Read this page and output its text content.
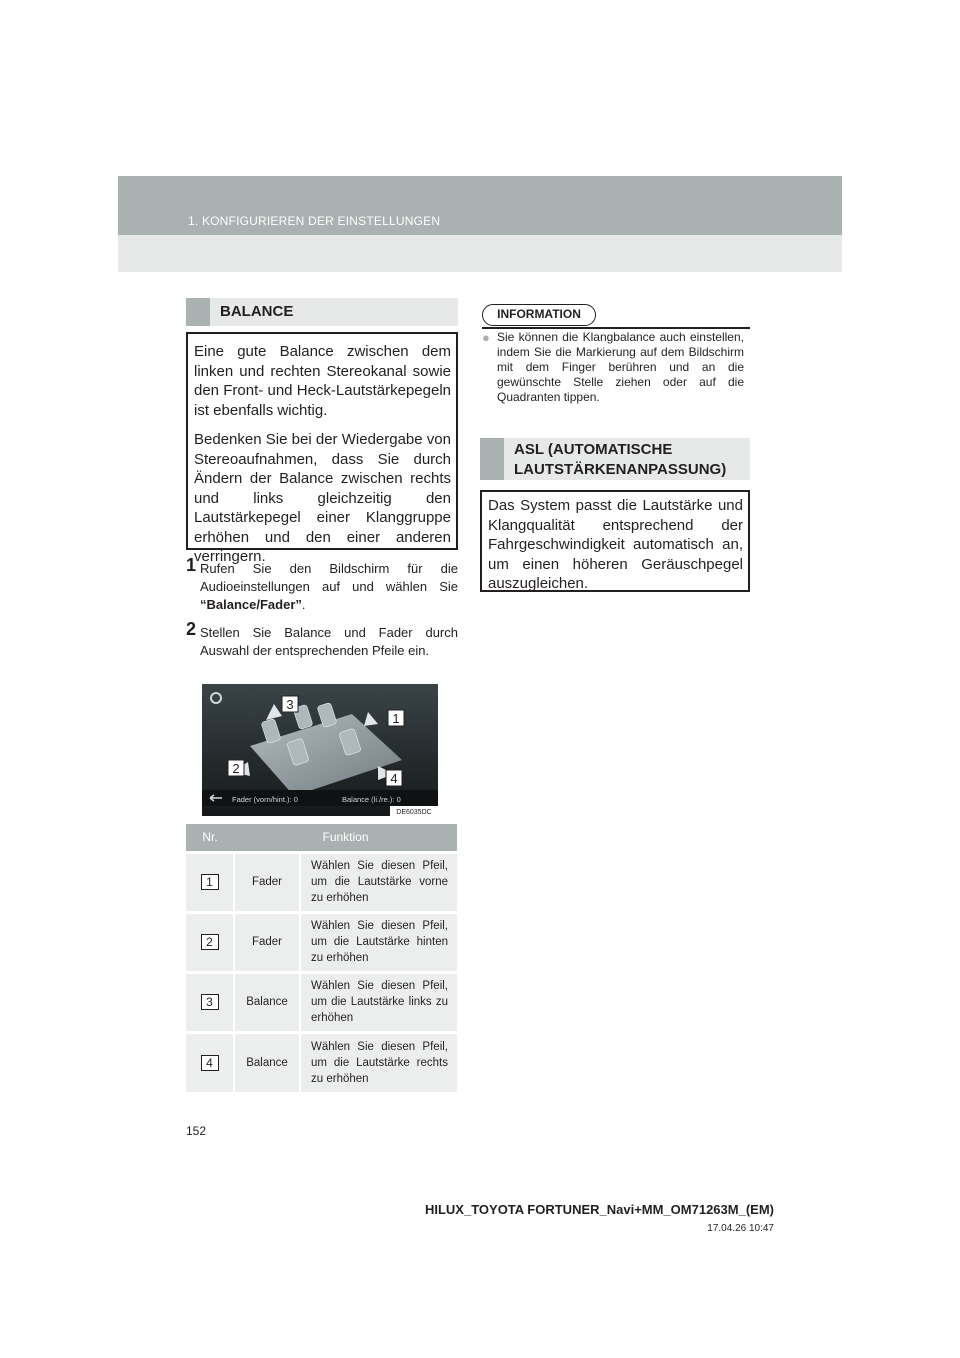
1. KONFIGURIEREN DER EINSTELLUNGEN
BALANCE

Eine gute Balance zwischen dem linken und rechten Stereokanal sowie den Front- und Heck-Lautstärkepegeln ist ebenfalls wichtig.

Bedenken Sie bei der Wiedergabe von Stereoaufnahmen, dass Sie durch Ändern der Balance zwischen rechts und links gleichzeitig den Lautstärkepegel einer Klanggruppe erhöhen und den einer anderen verringern.

1 Rufen Sie den Bildschirm für die Audioeinstellungen auf und wählen Sie “Balance/Fader”.
2 Stellen Sie Balance und Fader durch Auswahl der entsprechenden Pfeile ein.
3
1
2
4
Fader (vorn/hint.): 0	Balance (li./re.): 0
DE6035DC
Nr.	Funktion	
1	Fader	Wählen Sie diesen Pfeil, um die Lautstärke vorne zu erhöhen
2	Fader	Wählen Sie diesen Pfeil, um die Lautstärke hinten zu erhöhen
3	Balance	Wählen Sie diesen Pfeil, um die Lautstärke links zu erhöhen
4	Balance	Wählen Sie diesen Pfeil, um die Lautstärke rechts zu erhöhen
INFORMATION
● Sie können die Klangbalance auch einstellen, indem Sie die Markierung auf dem Bildschirm mit dem Finger berühren und an die gewünschte Stelle ziehen oder auf die Quadranten tippen.
ASL (AUTOMATISCHE
LAUTSTÄRKENANPASSUNG)

Das System passt die Lautstärke und Klangqualität entsprechend der Fahrgeschwindigkeit automatisch an, um einen höheren Geräuschpegel auszugleichen.

152
HILUX_TOYOTA FORTUNER_Navi+MM_OM71263M_(EM)
17.04.26 10:47
